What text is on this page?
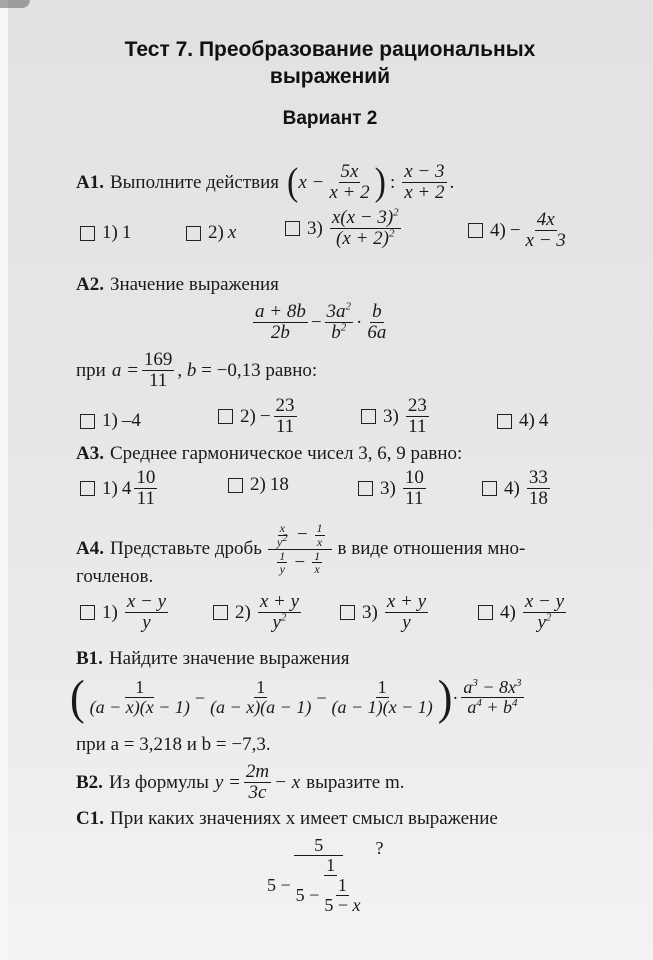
Тест 7. Преобразование рациональных
выражений
Вариант 2
А1. Выполните действия ( $x - \frac{5x}{x + 2}$ ) : $\frac{x - 3}{x + 2}$ .
1) 1	2) x	$3) \frac{x(x - 3)^2}{(x + 2)^2}$	$4) - \frac{4x}{x - 3}$
А2. Значение выражения
$\frac{a + 8b}{2b} - \frac{3a^2}{b^2} \cdot \frac{b}{6a}$
при $a = \frac{169}{11}$ , b = −0,13 равно:
1) –4	$2) - \frac{23}{11}$	$3) \frac{23}{11}$	4) 4
А3. Среднее гармоническое чисел 3, 6, 9 равно:
1) $4 \frac{10}{11}$	2) 18	$3) \frac{10}{11}$	$4) \frac{33}{18}$
А4. Представьте дробь $\frac{\frac{x}{y^2} - \frac{1}{x}}{\frac{1}{y} - \frac{1}{x}}$ в виде отношения мно-
гочленов.
$1) \frac{x - y}{y}$	$2) \frac{x + y}{y^2}$	$3) \frac{x + y}{y}$	$4) \frac{x - y}{y^2}$
В1. Найдите значение выражения
( $\frac{1}{(a - x)(x - 1)} - \frac{1}{(a - x)(a - 1)} - \frac{1}{(a - 1)(x - 1)}$ ) · $\frac{a^3 - 8x^3}{a^4 + b^4}$
при a = 3,218 и b = −7,3.
В2. Из формулы $y = \frac{2m}{3c} - x$ выразите m.
С1. При каких значениях x имеет смысл выражение
$\frac{5}{5 - \frac{1}{5 - \frac{1}{5 - x}}}$ ?
